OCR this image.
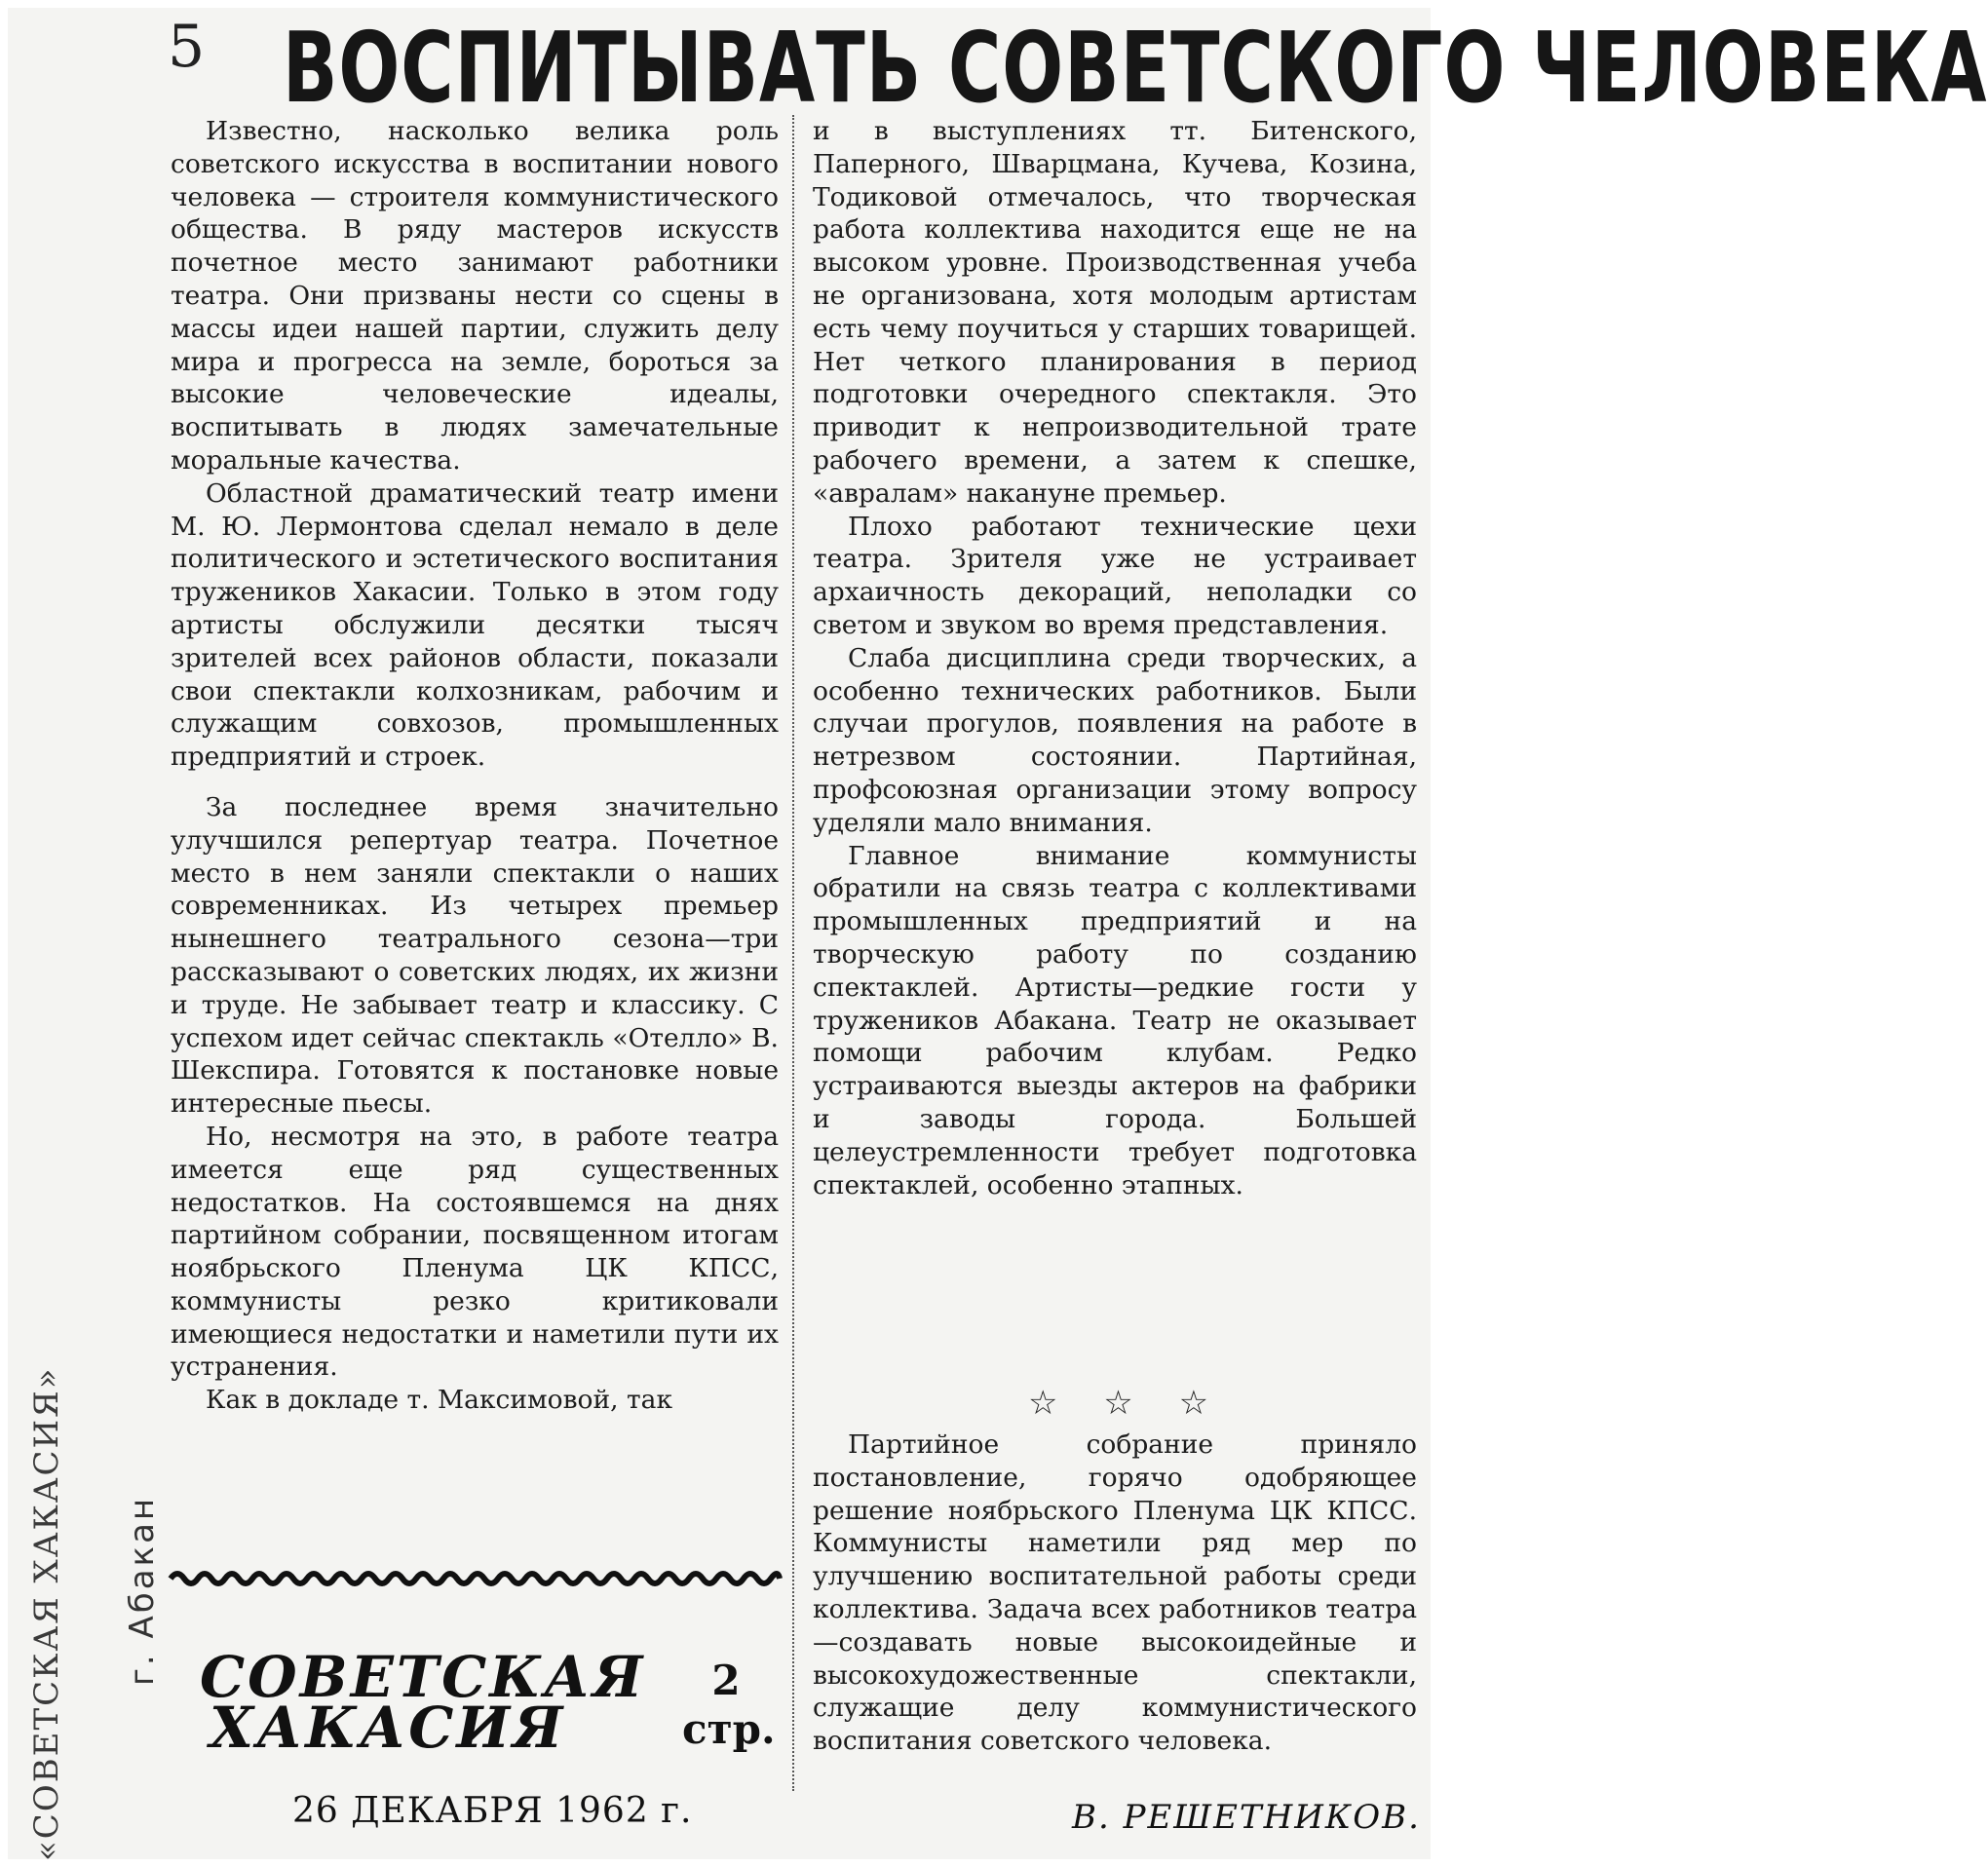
5 ВОСПИТЫВАТЬ СОВЕТСКОГО ЧЕЛОВЕКА
«СОВЕТСКАЯ ХАКАСИЯ» г. Абакан

Известно, насколько велика роль советского искусства в воспитании нового человека — строителя коммунистического общества. В ряду мастеров искусств почетное место занимают работники театра. Они призваны нести со сцены в массы идеи нашей партии, служить делу мира и прогресса на земле, бороться за высокие человеческие идеалы, воспитывать в людях замечательные моральные качества.

Областной драматический театр имени М. Ю. Лермонтова сделал немало в деле политического и эстетического воспитания тружеников Хакасии. Только в этом году артисты обслужили десятки тысяч зрителей всех районов области, показали свои спектакли колхозникам, рабочим и служащим совхозов, промышленных предприятий и строек.

За последнее время значительно улучшился репертуар театра. Почетное место в нем заняли спектакли о наших современниках. Из четырех премьер нынешнего театрального сезона—три рассказывают о советских людях, их жизни и труде. Не забывает театр и классику. С успехом идет сейчас спектакль «Отелло» В. Шекспира. Готовятся к постановке новые интересные пьесы.

Но, несмотря на это, в работе театра имеется еще ряд существенных недостатков. На состоявшемся на днях партийном собрании, посвященном итогам ноябрьского Пленума ЦК КПСС, коммунисты резко критиковали имеющиеся недостатки и наметили пути их устранения.

Как в докладе т. Максимовой, так

и в выступлениях тт. Битенского, Паперного, Шварцмана, Кучева, Козина, Тодиковой отмечалось, что творческая работа коллектива находится еще не на высоком уровне. Производственная учеба не организована, хотя молодым артистам есть чему поучиться у старших товарищей. Нет четкого планирования в период подготовки очередного спектакля. Это приводит к непроизводительной трате рабочего времени, а затем к спешке, «авралам» накануне премьер.

Плохо работают технические цехи театра. Зрителя уже не устраивает архаичность декораций, неполадки со светом и звуком во время представления.

Слаба дисциплина среди творческих, а особенно технических работников. Были случаи прогулов, появления на работе в нетрезвом состоянии. Партийная, профсоюзная организации этому вопросу уделяли мало внимания.

Главное внимание коммунисты обратили на связь театра с коллективами промышленных предприятий и на творческую работу по созданию спектаклей. Артисты—редкие гости у тружеников Абакана. Театр не оказывает помощи рабочим клубам. Редко устраиваются выезды актеров на фабрики и заводы города. Большей целеустремленности требует подготовка спектаклей, особенно этапных.

☆ ☆ ☆

Партийное собрание приняло постановление, горячо одобряющее решение ноябрьского Пленума ЦК КПСС. Коммунисты наметили ряд мер по улучшению воспитательной работы среди коллектива. Задача всех работников театра—создавать новые высокоидейные и высокохудожественные спектакли, служащие делу коммунистического воспитания советского человека.

СОВЕТСКАЯ
ХАКАСИЯ
2
стр.
26 ДЕКАБРЯ 1962 г.	В. РЕШЕТНИКОВ.
